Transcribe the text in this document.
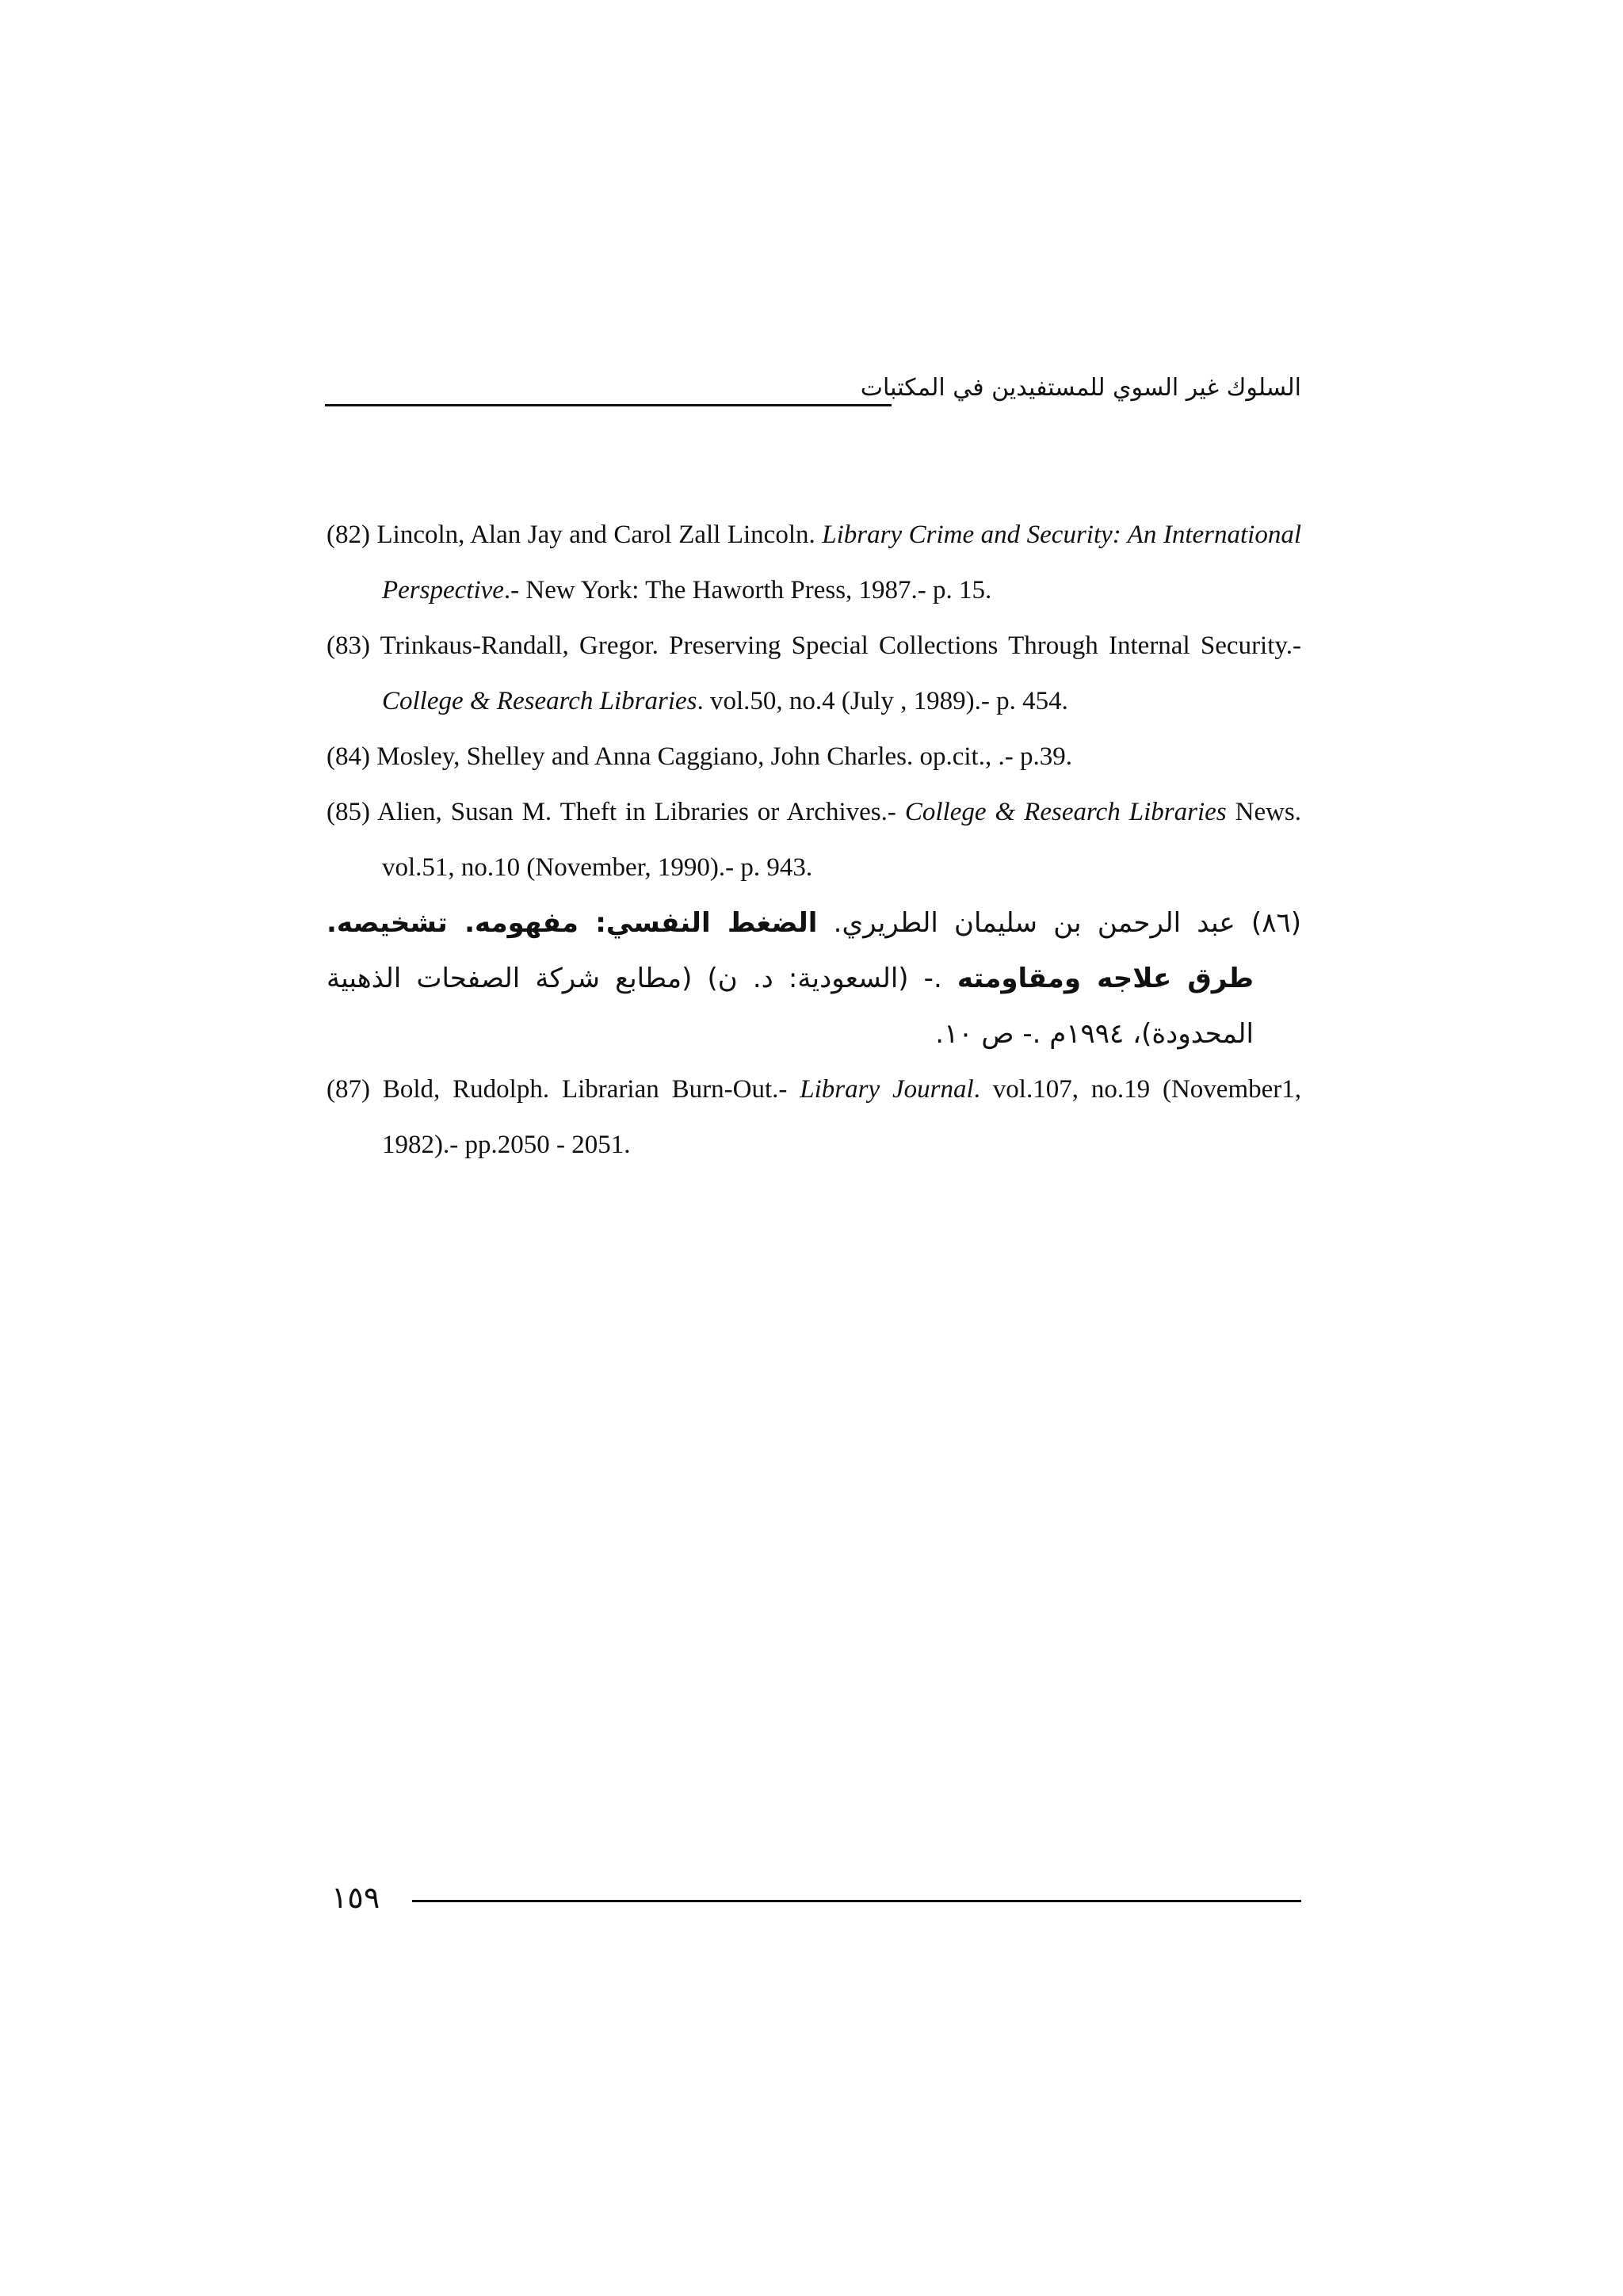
السلوك غير السوي للمستفيدين في المكتبات

(82) Lincoln, Alan Jay and Carol Zall Lincoln. Library Crime and Security: An International Perspective.- New York: The Haworth Press, 1987.- p. 15.

(83) Trinkaus-Randall, Gregor. Preserving Special Collections Through Internal Security.- College & Research Libraries. vol.50, no.4 (July , 1989).- p. 454.

(84) Mosley, Shelley and Anna Caggiano, John Charles. op.cit., .- p.39.

(85) Alien, Susan M. Theft in Libraries or Archives.- College & Research Libraries News. vol.51, no.10 (November, 1990).- p. 943.

(٨٦) عبد الرحمن بن سليمان الطريري. الضغط النفسي: مفهومه. تشخيصه. طرق علاجه ومقاومته .- (السعودية: د. ن) (مطابع شركة الصفحات الذهبية المحدودة)، ١٩٩٤م .- ص ١٠.

(87) Bold, Rudolph. Librarian Burn-Out.- Library Journal. vol.107, no.19 (November1, 1982).- pp.2050 - 2051.

١٥٩
